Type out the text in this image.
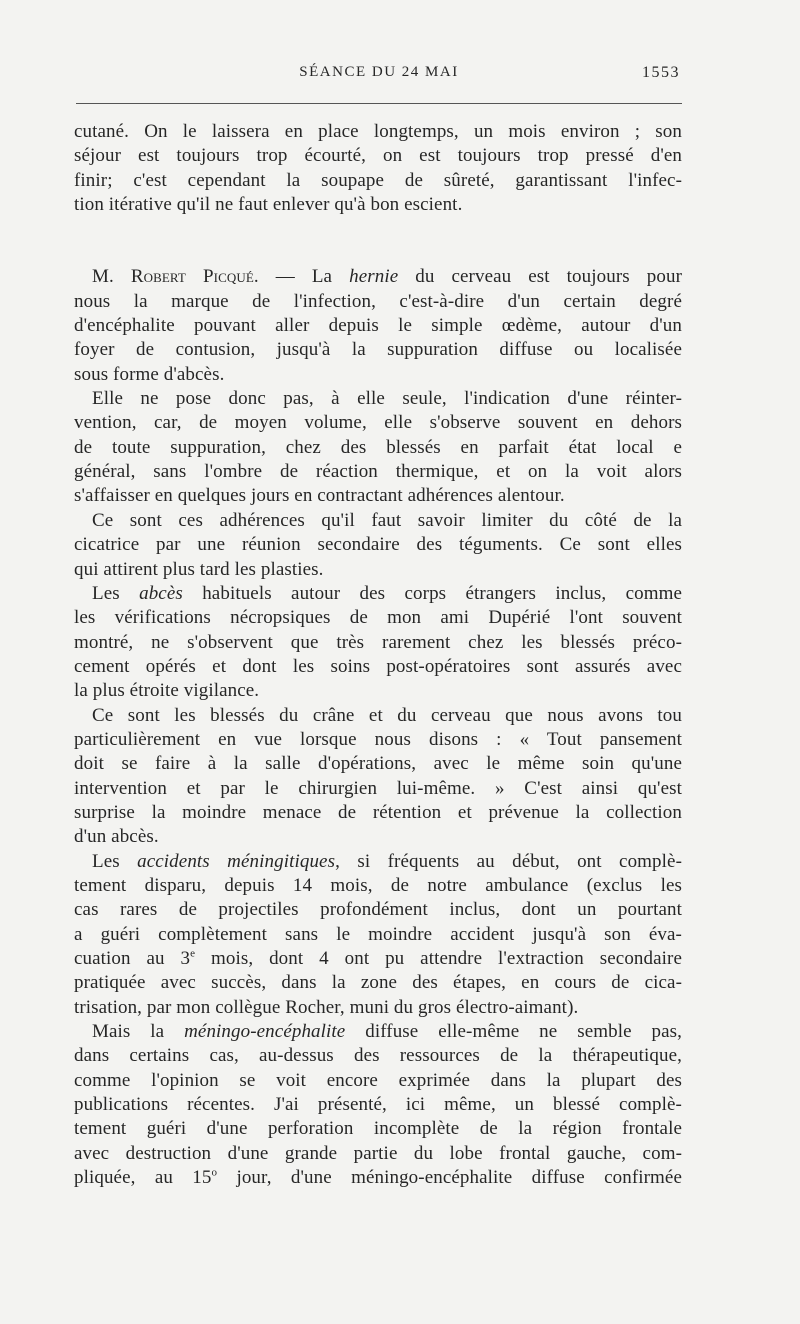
SÉANCE DU 24 MAI	1553
cutané. On le laissera en place longtemps, un mois environ ; son
séjour est toujours trop écourté, on est toujours trop pressé d'en
finir; c'est cependant la soupape de sûreté, garantissant l'infec-
tion itérative qu'il ne faut enlever qu'à bon escient.
M. Robert Picqué. — La hernie du cerveau est toujours pour
nous la marque de l'infection, c'est-à-dire d'un certain degré
d'encéphalite pouvant aller depuis le simple œdème, autour d'un
foyer de contusion, jusqu'à la suppuration diffuse ou localisée
sous forme d'abcès.
Elle ne pose donc pas, à elle seule, l'indication d'une réinter-
vention, car, de moyen volume, elle s'observe souvent en dehors
de toute suppuration, chez des blessés en parfait état local e
général, sans l'ombre de réaction thermique, et on la voit alors
s'affaisser en quelques jours en contractant adhérences alentour.
Ce sont ces adhérences qu'il faut savoir limiter du côté de la
cicatrice par une réunion secondaire des téguments. Ce sont elles
qui attirent plus tard les plasties.
Les abcès habituels autour des corps étrangers inclus, comme
les vérifications nécropsiques de mon ami Dupérié l'ont souvent
montré, ne s'observent que très rarement chez les blessés préco-
cement opérés et dont les soins post-opératoires sont assurés avec
la plus étroite vigilance.
Ce sont les blessés du crâne et du cerveau que nous avons tou
particulièrement en vue lorsque nous disons : « Tout pansement
doit se faire à la salle d'opérations, avec le même soin qu'une
intervention et par le chirurgien lui-même. » C'est ainsi qu'est
surprise la moindre menace de rétention et prévenue la collection
d'un abcès.
Les accidents méningitiques, si fréquents au début, ont complè-
tement disparu, depuis 14 mois, de notre ambulance (exclus les
cas rares de projectiles profondément inclus, dont un pourtant
a guéri complètement sans le moindre accident jusqu'à son éva-
cuation au 3e mois, dont 4 ont pu attendre l'extraction secondaire
pratiquée avec succès, dans la zone des étapes, en cours de cica-
trisation, par mon collègue Rocher, muni du gros électro-aimant).
Mais la méningo-encéphalite diffuse elle-même ne semble pas,
dans certains cas, au-dessus des ressources de la thérapeutique,
comme l'opinion se voit encore exprimée dans la plupart des
publications récentes. J'ai présenté, ici même, un blessé complè-
tement guéri d'une perforation incomplète de la région frontale
avec destruction d'une grande partie du lobe frontal gauche, com-
pliquée, au 15$^o$ jour, d'une méningo-encéphalite diffuse confirmée
